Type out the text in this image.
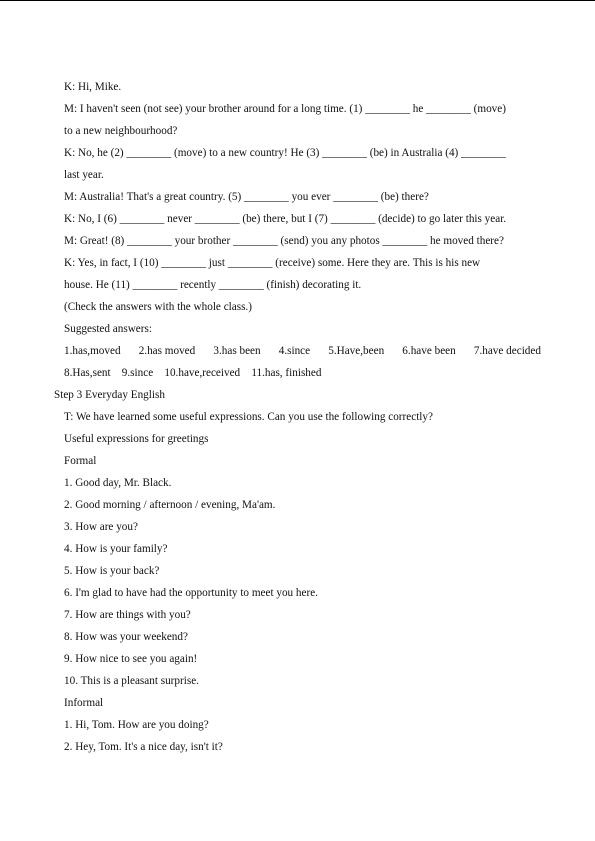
K: Hi, Mike.
M: I haven't seen (not see) your brother around for a long time. (1) ________ he ________ (move)
to a new neighbourhood?
K: No, he (2) ________ (move) to a new country! He (3) ________ (be) in Australia (4) ________
last year.
M: Australia! That's a great country. (5) ________ you ever ________ (be) there?
K: No, I (6) ________ never ________ (be) there, but I (7) ________ (decide) to go later this year.
M: Great! (8) ________ your brother ________ (send) you any photos ________ he moved there?
K: Yes, in fact, I (10) ________ just ________ (receive) some. Here they are. This is his new
house. He (11) ________ recently ________ (finish) decorating it.
(Check the answers with the whole class.)
Suggested answers:
1.has,moved 2.has moved 3.has been 4.since 5.Have,been 6.have been 7.have decided
8.Has,sent    9.since    10.have,received    11.has, finished
Step 3 Everyday English
T: We have learned some useful expressions. Can you use the following correctly?
Useful expressions for greetings
Formal
1. Good day, Mr. Black.
2. Good morning / afternoon / evening, Ma'am.
3. How are you?
4. How is your family?
5. How is your back?
6. I'm glad to have had the opportunity to meet you here.
7. How are things with you?
8. How was your weekend?
9. How nice to see you again!
10. This is a pleasant surprise.
Informal
1. Hi, Tom. How are you doing?
2. Hey, Tom. It's a nice day, isn't it?
